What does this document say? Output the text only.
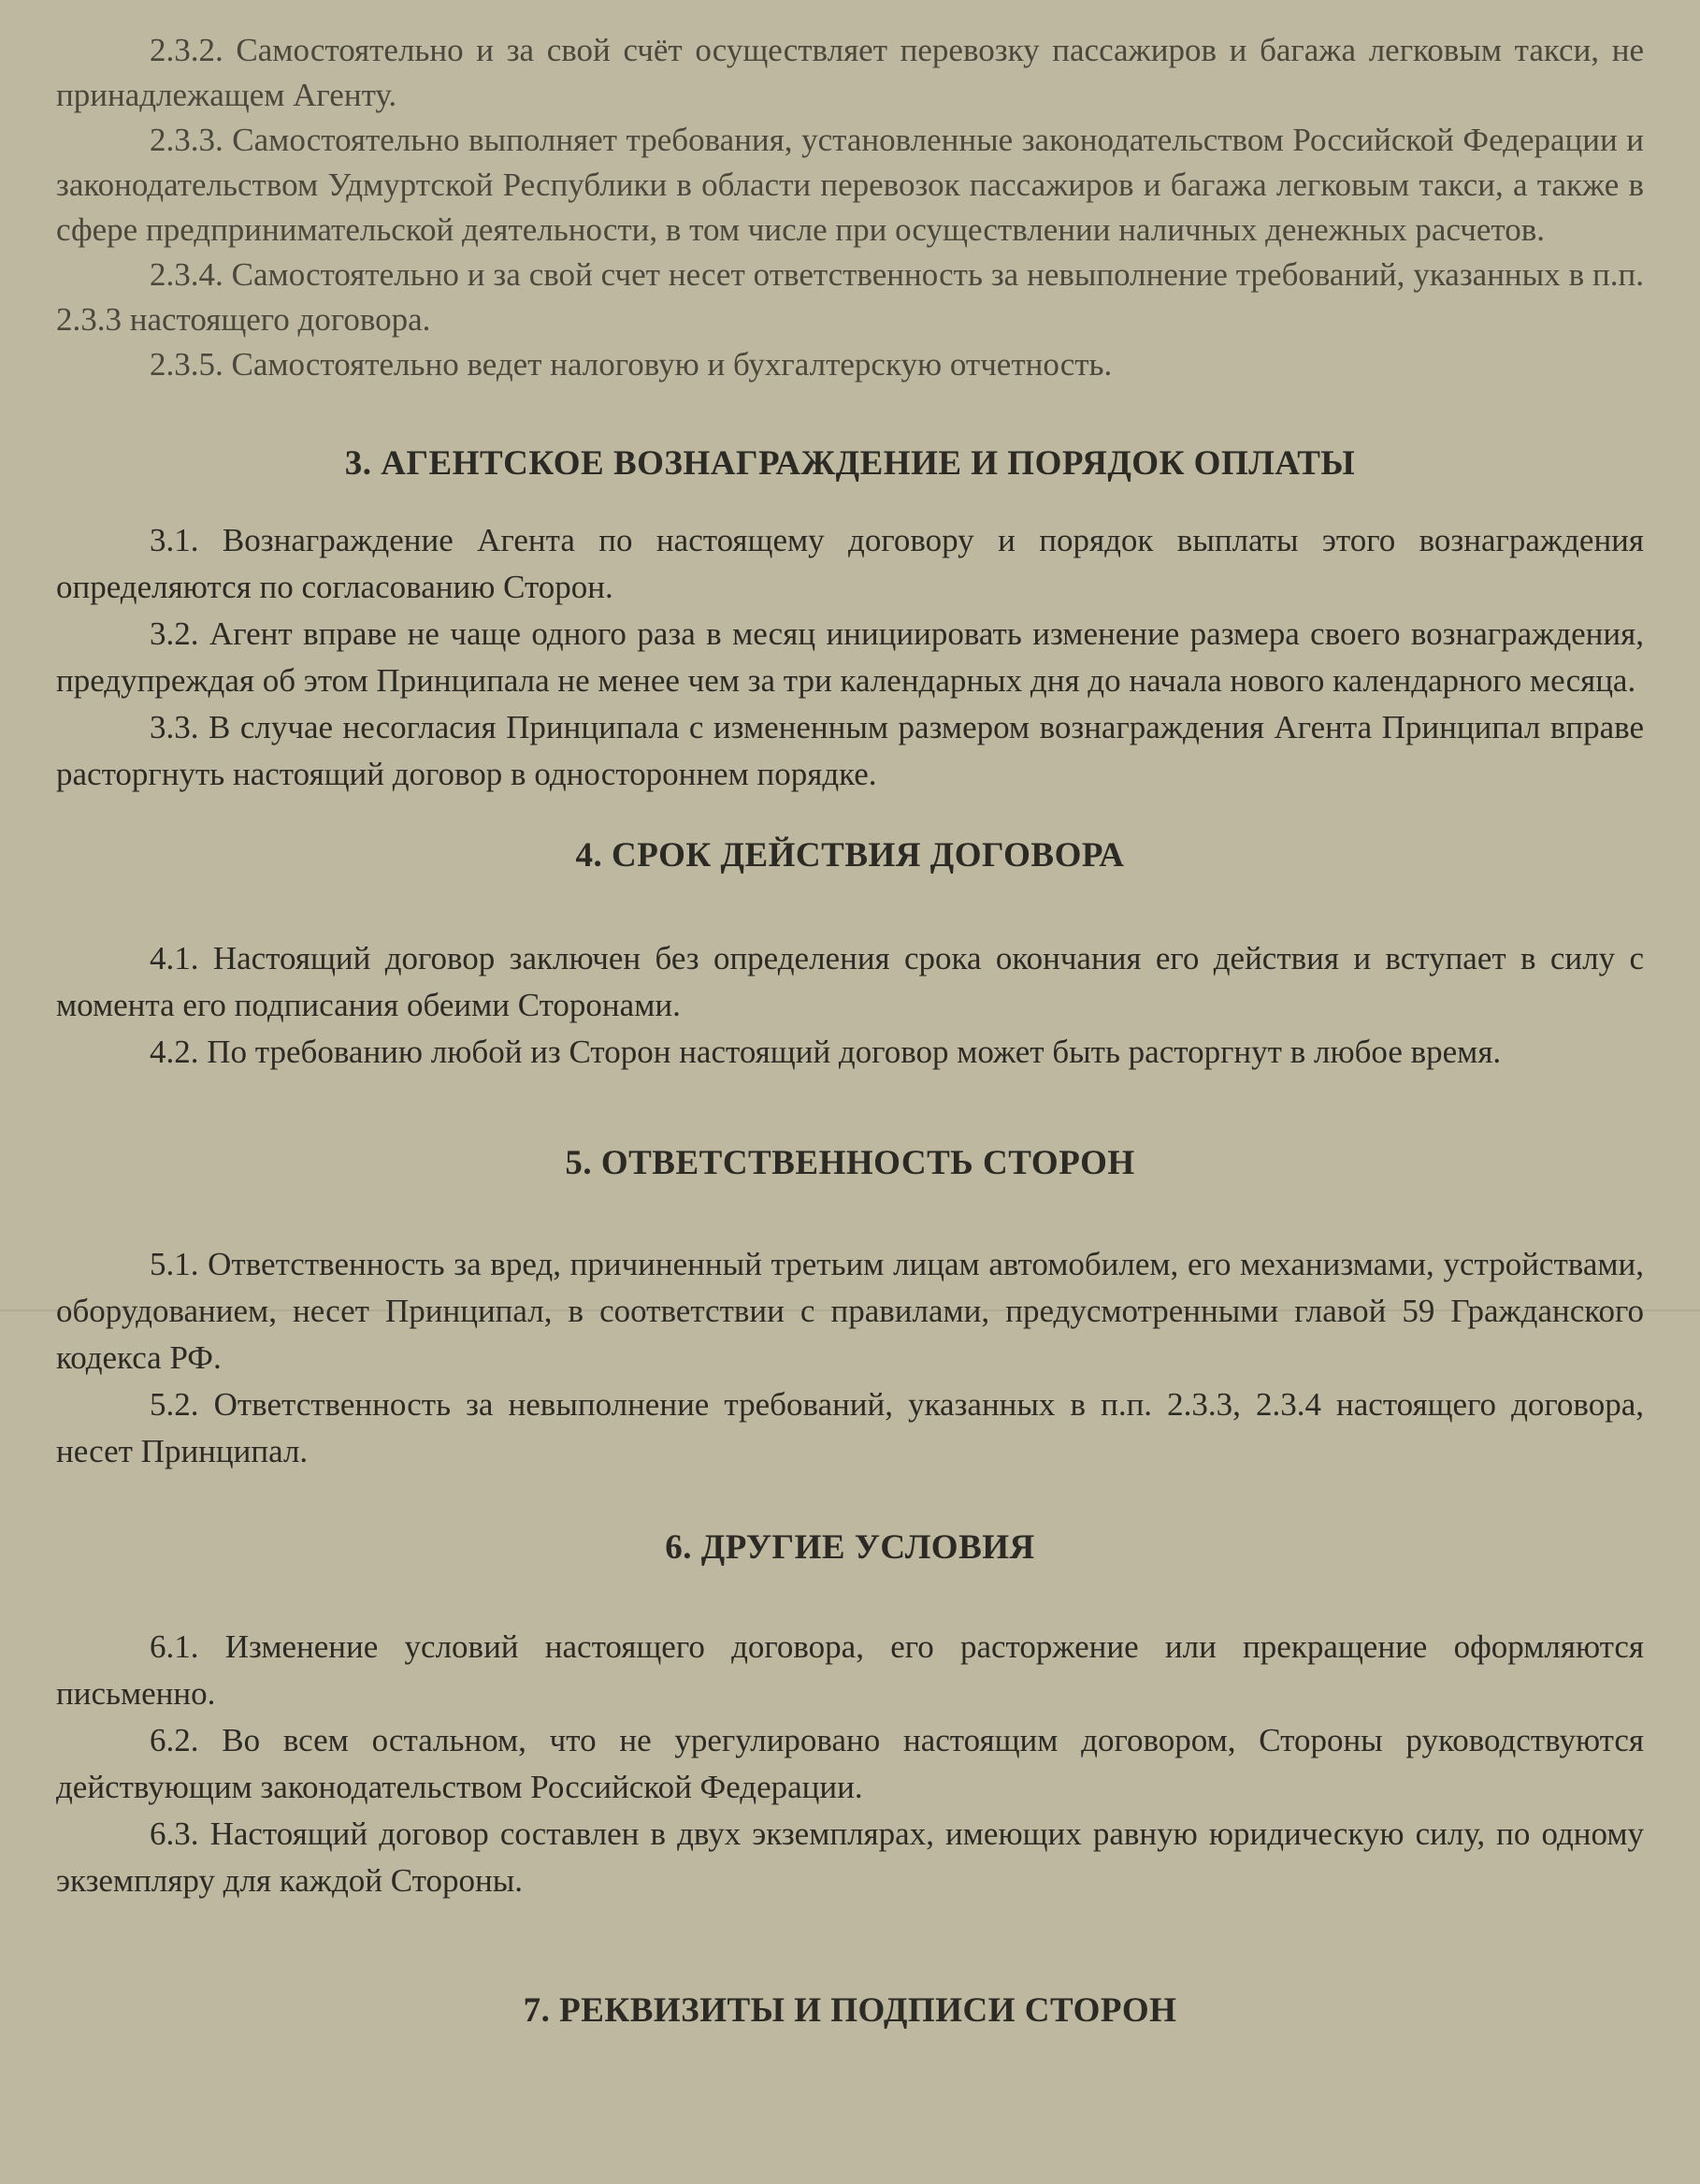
2.3.2. Самостоятельно и за свой счёт осуществляет перевозку пассажиров и багажа легковым такси, не принадлежащем Агенту.

2.3.3. Самостоятельно выполняет требования, установленные законодательством Российской Федерации и законодательством Удмуртской Республики в области перевозок пассажиров и багажа легковым такси, а также в сфере предпринимательской деятельности, в том числе при осуществлении наличных денежных расчетов.

2.3.4. Самостоятельно и за свой счет несет ответственность за невыполнение требований, указанных в п.п. 2.3.3 настоящего договора.

2.3.5. Самостоятельно ведет налоговую и бухгалтерскую отчетность.

3. АГЕНТСКОЕ ВОЗНАГРАЖДЕНИЕ И ПОРЯДОК ОПЛАТЫ

3.1. Вознаграждение Агента по настоящему договору и порядок выплаты этого вознаграждения определяются по согласованию Сторон.

3.2. Агент вправе не чаще одного раза в месяц инициировать изменение размера своего вознаграждения, предупреждая об этом Принципала не менее чем за три календарных дня до начала нового календарного месяца.

3.3. В случае несогласия Принципала с измененным размером вознаграждения Агента Принципал вправе расторгнуть настоящий договор в одностороннем порядке.

4. СРОК ДЕЙСТВИЯ ДОГОВОРА

4.1. Настоящий договор заключен без определения срока окончания его действия и вступает в силу с момента его подписания обеими Сторонами.

4.2. По требованию любой из Сторон настоящий договор может быть расторгнут в любое время.

5. ОТВЕТСТВЕННОСТЬ СТОРОН

5.1. Ответственность за вред, причиненный третьим лицам автомобилем, его механизмами, устройствами, оборудованием, несет Принципал, в соответствии с правилами, предусмотренными главой 59 Гражданского кодекса РФ.

5.2. Ответственность за невыполнение требований, указанных в п.п. 2.3.3, 2.3.4 настоящего договора, несет Принципал.

6. ДРУГИЕ УСЛОВИЯ

6.1. Изменение условий настоящего договора, его расторжение или прекращение оформляются письменно.

6.2. Во всем остальном, что не урегулировано настоящим договором, Стороны руководствуются действующим законодательством Российской Федерации.

6.3. Настоящий договор составлен в двух экземплярах, имеющих равную юридическую силу, по одному экземпляру для каждой Стороны.

7. РЕКВИЗИТЫ И ПОДПИСИ СТОРОН
